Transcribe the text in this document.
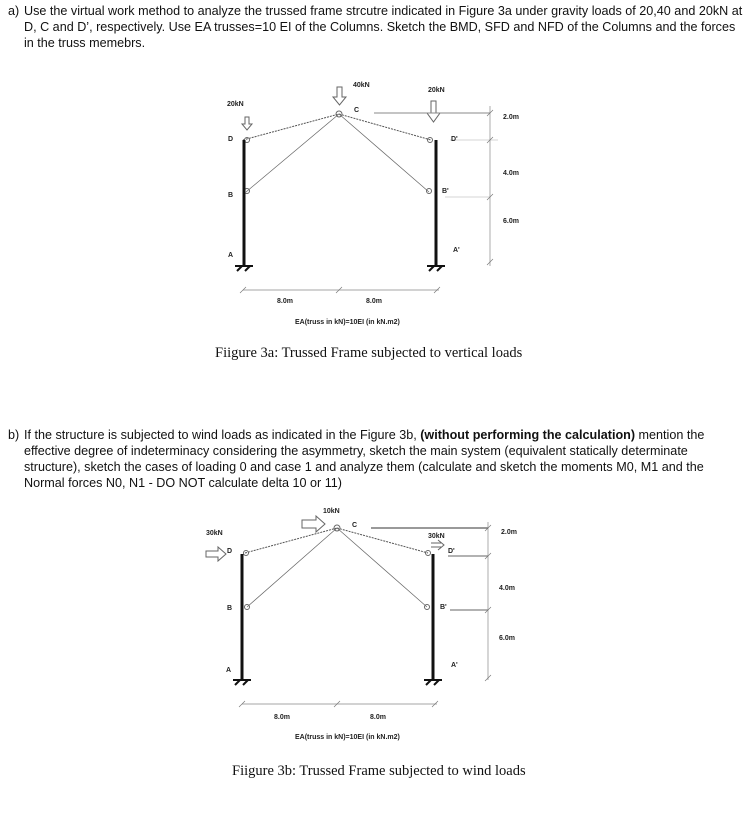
a) Use the virtual work method to analyze the trussed frame strcutre indicated in Figure 3a under gravity loads of 20,40 and 20kN at D, C and D’, respectively. Use EA trusses=10 EI of the Columns. Sketch the BMD, SFD and NFD of the Columns and the forces in the truss memebrs.
20kN
40kN
20kN
D
B
A
C
D'
B'
A'
2.0m
4.0m
6.0m
8.0m	8.0m
EA(truss in kN)=10EI (in kN.m2)
30kN
10kN
30kN
D
B
A
C
D'
B'
A'
2.0m
4.0m
6.0m
8.0m	8.0m
EA(truss in kN)=10EI (in kN.m2)
Fiigure 3a: Trussed Frame subjected to vertical loads
b) If the structure is subjected to wind loads as indicated in the Figure 3b, (without performing the calculation) mention the effective degree of indeterminacy considering the asymmetry, sketch the main system (equivalent statically determinate structure), sketch the cases of loading 0 and case 1 and analyze them (calculate and sketch the moments M0, M1 and the Normal forces N0, N1 - DO NOT calculate delta 10 or 11)
Fiigure 3b: Trussed Frame subjected to wind loads
